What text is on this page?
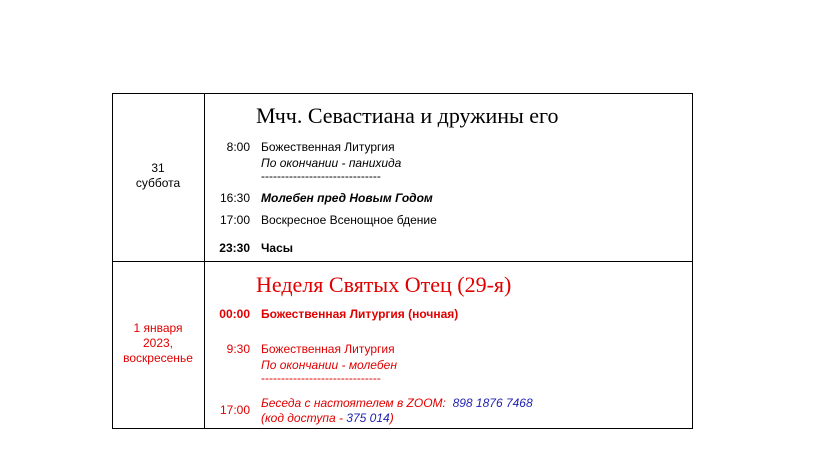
31
суббота
Мчч. Севастиана и дружины его
8:00 Божественная Литургия
По окончании - панихида
------------------------------
16:30 Молебен пред Новым Годом
17:00 Воскресное Всенощное бдение
23:30 Часы
1 января
2023,
воскресенье
Неделя Святых Отец (29-я)
00:00 Божественная Литургия (ночная)
9:30 Божественная Литургия
По окончании - молебен
------------------------------
17:00 Беседа с настоятелем в ZOOM: 898 1876 7468
(код доступа - 375 014)
